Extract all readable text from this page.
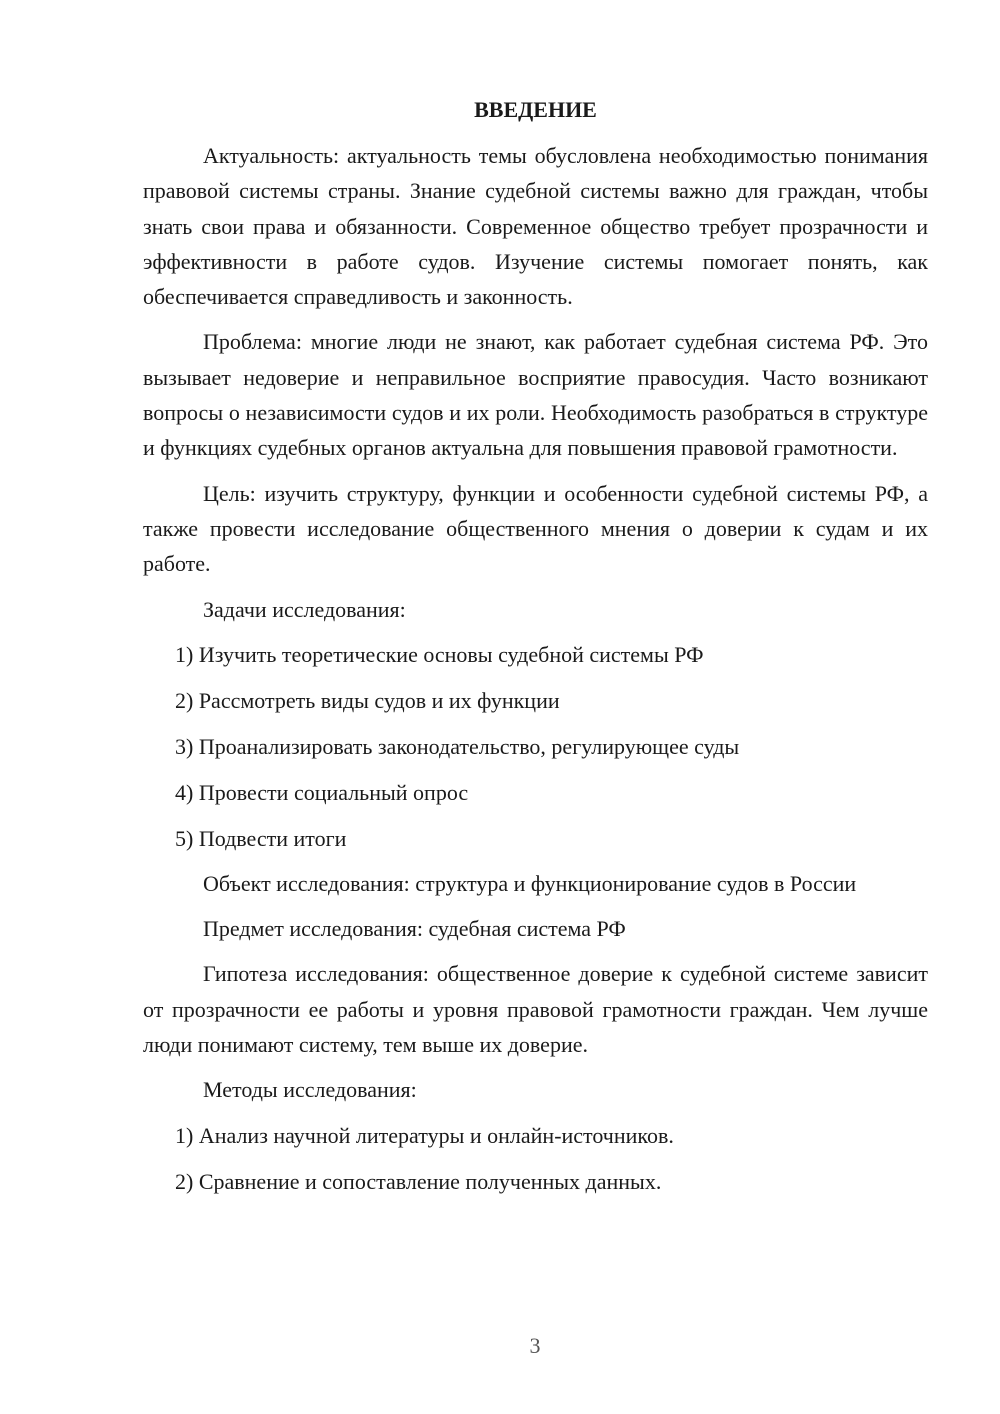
ВВЕДЕНИЕ

Актуальность: актуальность темы обусловлена необходимостью понимания правовой системы страны. Знание судебной системы важно для граждан, чтобы знать свои права и обязанности. Современное общество требует прозрачности и эффективности в работе судов. Изучение системы помогает понять, как обеспечивается справедливость и законность.

Проблема: многие люди не знают, как работает судебная система РФ. Это вызывает недоверие и неправильное восприятие правосудия. Часто возникают вопросы о независимости судов и их роли. Необходимость разобраться в структуре и функциях судебных органов актуальна для повышения правовой грамотности.

Цель: изучить структуру, функции и особенности судебной системы РФ, а также провести исследование общественного мнения о доверии к судам и их работе.

Задачи исследования:
1) Изучить теоретические основы судебной системы РФ
2) Рассмотреть виды судов и их функции
3) Проанализировать законодательство, регулирующее суды
4) Провести социальный опрос
5) Подвести итоги

Объект исследования: структура и функционирование судов в России

Предмет исследования: судебная система РФ

Гипотеза исследования: общественное доверие к судебной системе зависит от прозрачности ее работы и уровня правовой грамотности граждан. Чем лучше люди понимают систему, тем выше их доверие.

Методы исследования:
1) Анализ научной литературы и онлайн-источников.
2) Сравнение и сопоставление полученных данных.
3
